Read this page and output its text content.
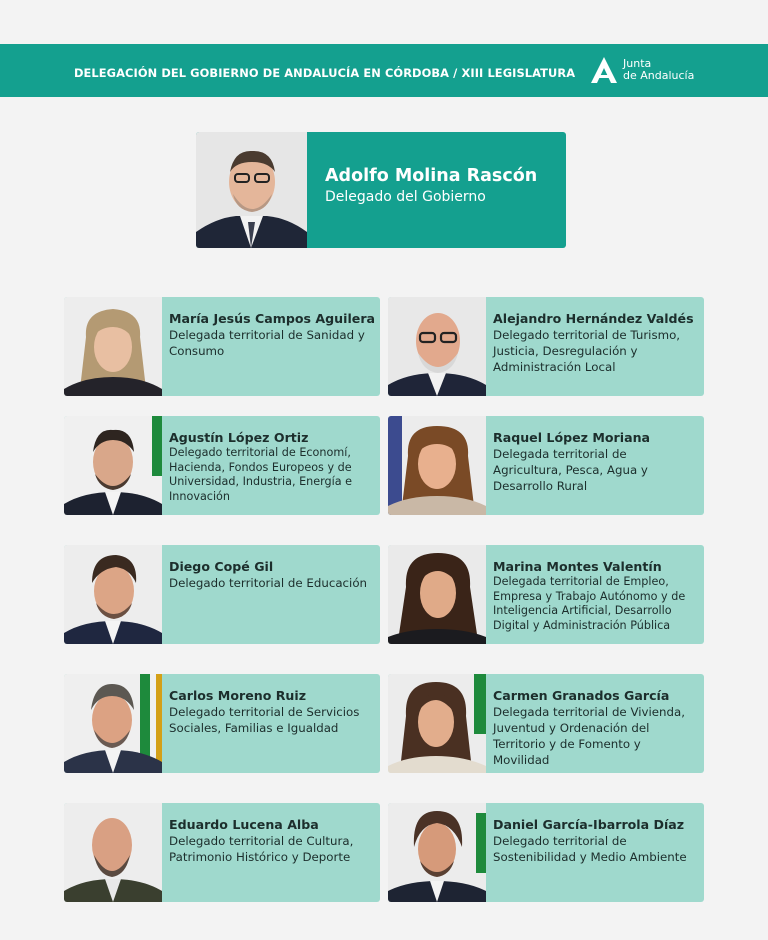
DELEGACIÓN DEL GOBIERNO DE ANDALUCÍA EN CÓRDOBA / XIII LEGISLATURA
Junta
de Andalucía
Adolfo Molina Rascón
Delegado del Gobierno
María Jesús Campos Aguilera
Delegada territorial de Sanidad y Consumo
Alejandro Hernández Valdés
Delegado territorial de Turismo, Justicia, Desregulación y Administración Local
Agustín López Ortiz
Delegado territorial de Economí, Hacienda, Fondos Europeos y de Universidad, Industria, Energía e Innovación
Raquel López Moriana
Delegada territorial de Agricultura, Pesca, Agua y Desarrollo Rural
Diego Copé Gil
Delegado territorial de Educación
Marina Montes Valentín
Delegada territorial de Empleo, Empresa y Trabajo Autónomo y de Inteligencia Artificial, Desarrollo Digital y Administración Pública
Carlos Moreno Ruiz
Delegado territorial de Servicios Sociales, Familias e Igualdad
Carmen Granados García
Delegada territorial de Vivienda, Juventud y Ordenación del Territorio y de Fomento y Movilidad
Eduardo Lucena Alba
Delegado territorial de Cultura, Patrimonio Histórico y Deporte
Daniel García-Ibarrola Díaz
Delegado territorial de Sostenibilidad y Medio Ambiente
